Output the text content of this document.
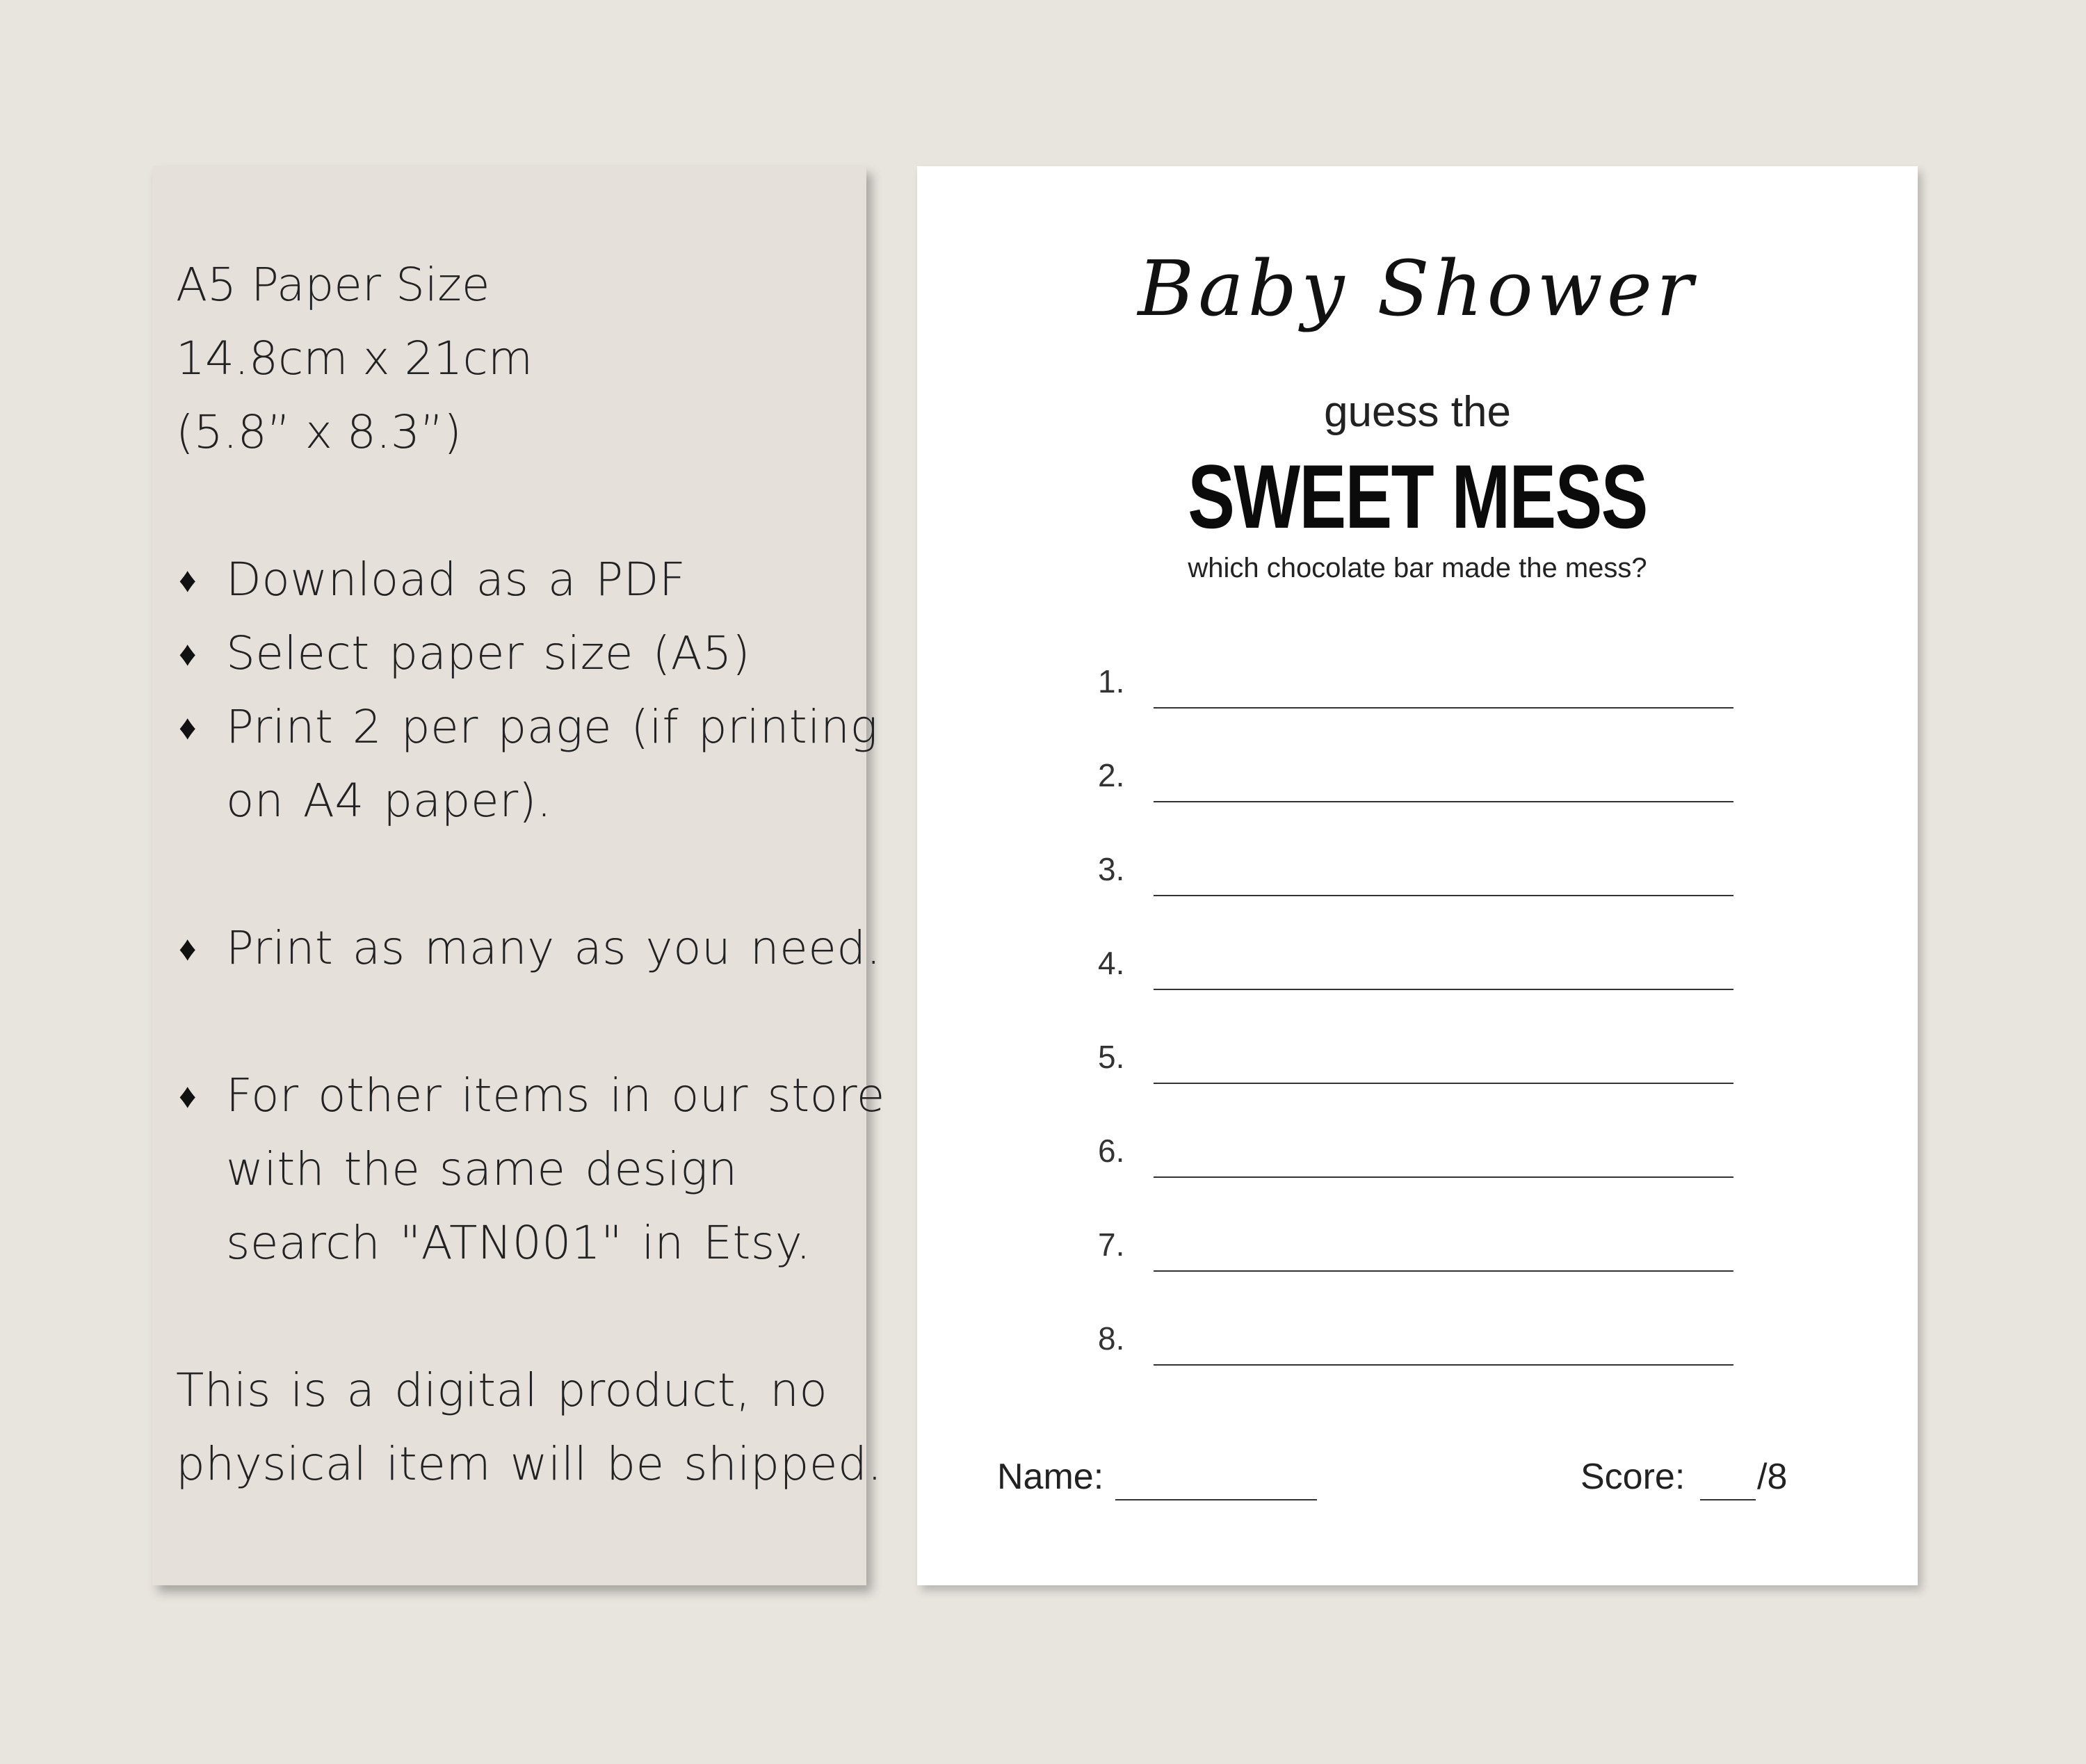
A5 Paper Size
14.8cm x 21cm
(5.8” x 8.3”)
♦ Download as a PDF
♦ Select paper size (A5)
♦ Print 2 per page (if printing
on A4 paper).
♦ Print as many as you need.
♦ For other items in our store
with the same design
search "ATN001" in Etsy.
This is a digital product, no
physical item will be shipped.
Baby Shower
guess the
SWEET MESS
which chocolate bar made the mess?
1.
2.
3.
4.
5.
6.
7.
8.
Name:	Score: /8
